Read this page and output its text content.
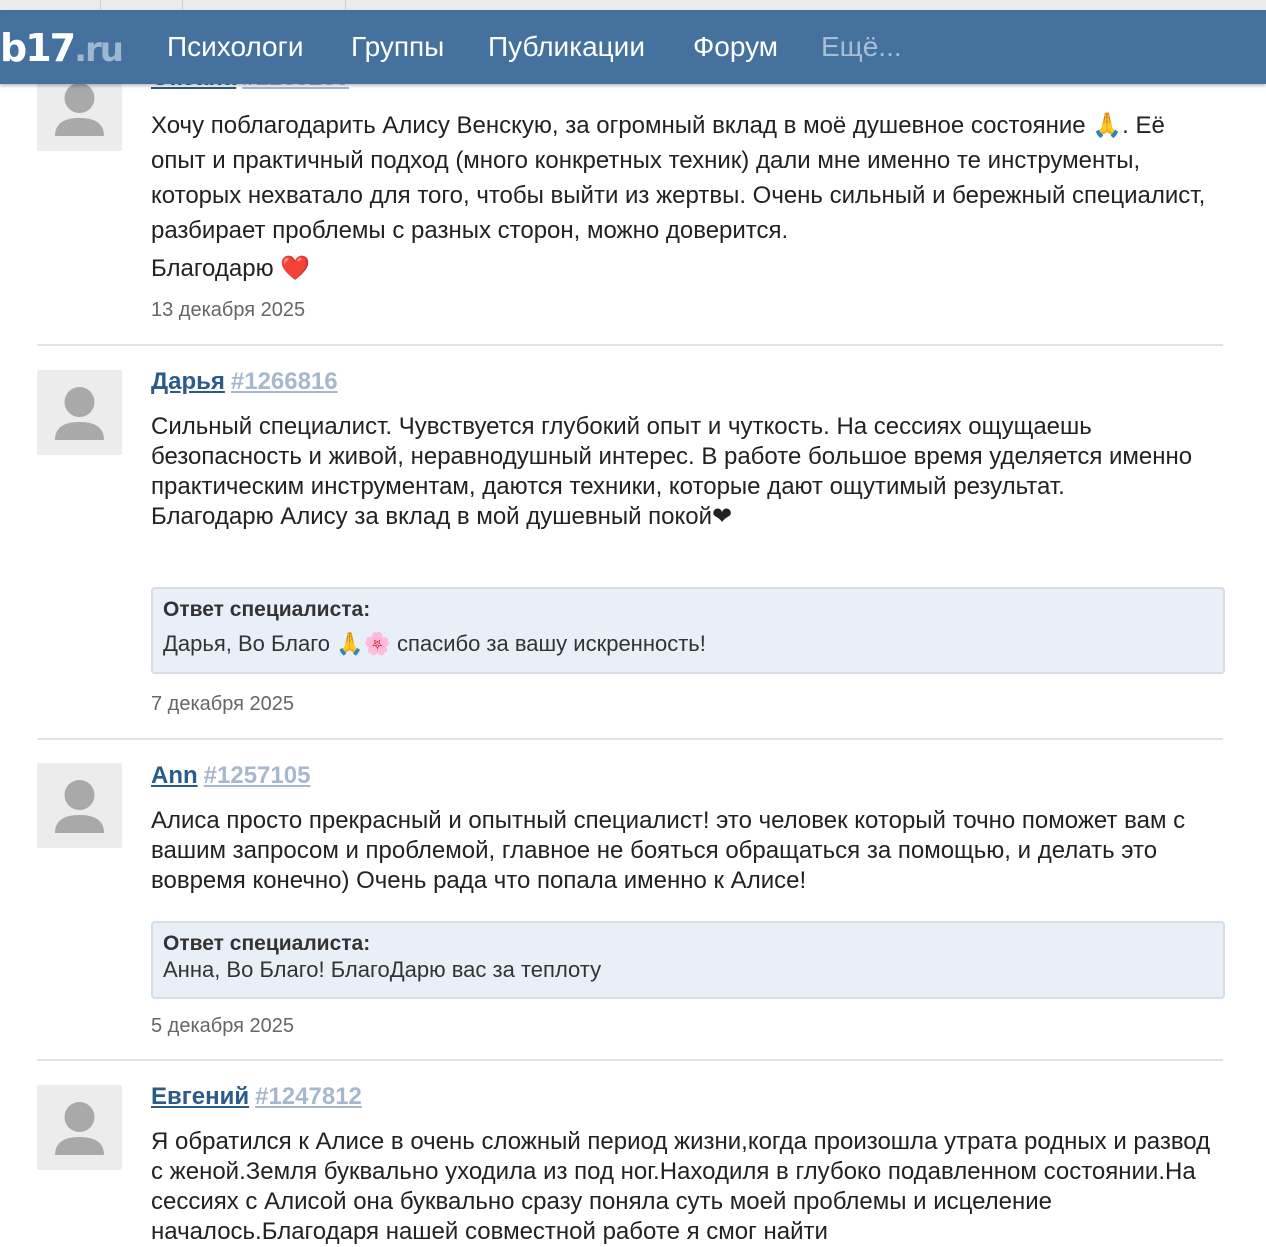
Хочу поблагодарить Алису Венскую, за огромный вклад в моё душевное состояние 🙏. Её опыт и практичный подход (много конкретных техник) дали мне именно те инструменты, которых нехватало для того, чтобы выйти из жертвы. Очень сильный и бережный специалист, разбирает проблемы с разных сторон, можно доверится.

Благодарю ❤️

13 декабря 2025
Дарья #1266816

Сильный специалист. Чувствуется глубокий опыт и чуткость. На сессиях ощущаешь безопасность и живой, неравнодушный интерес. В работе большое время уделяется именно практическим инструментам, даются техники, которые дают ощутимый результат.

Благодарю Алису за вклад в мой душевный покой❤

Ответ специалиста:
Дарья, Во Благо 🙏🌸 спасибо за вашу искренность!
7 декабря 2025
Ann #1257105

Алиса просто прекрасный и опытный специалист! это человек который точно поможет вам с вашим запросом и проблемой, главное не бояться обращаться за помощью, и делать это вовремя конечно) Очень рада что попала именно к Алисе!

Ответ специалиста:
Анна, Во Благо! БлагоДарю вас за теплоту
5 декабря 2025
Евгений #1247812

Я обратился к Алисе в очень сложный период жизни,когда произошла утрата родных и развод с женой.Земля буквально уходила из под ног.Находиля в глубоко подавленном состоянии.На сессиях с Алисой она буквально сразу поняла суть моей проблемы и исцеление началось.Благодаря нашей совместной работе я смог найти

b17.ru Психологи Группы Публикации Форум Ещё...
